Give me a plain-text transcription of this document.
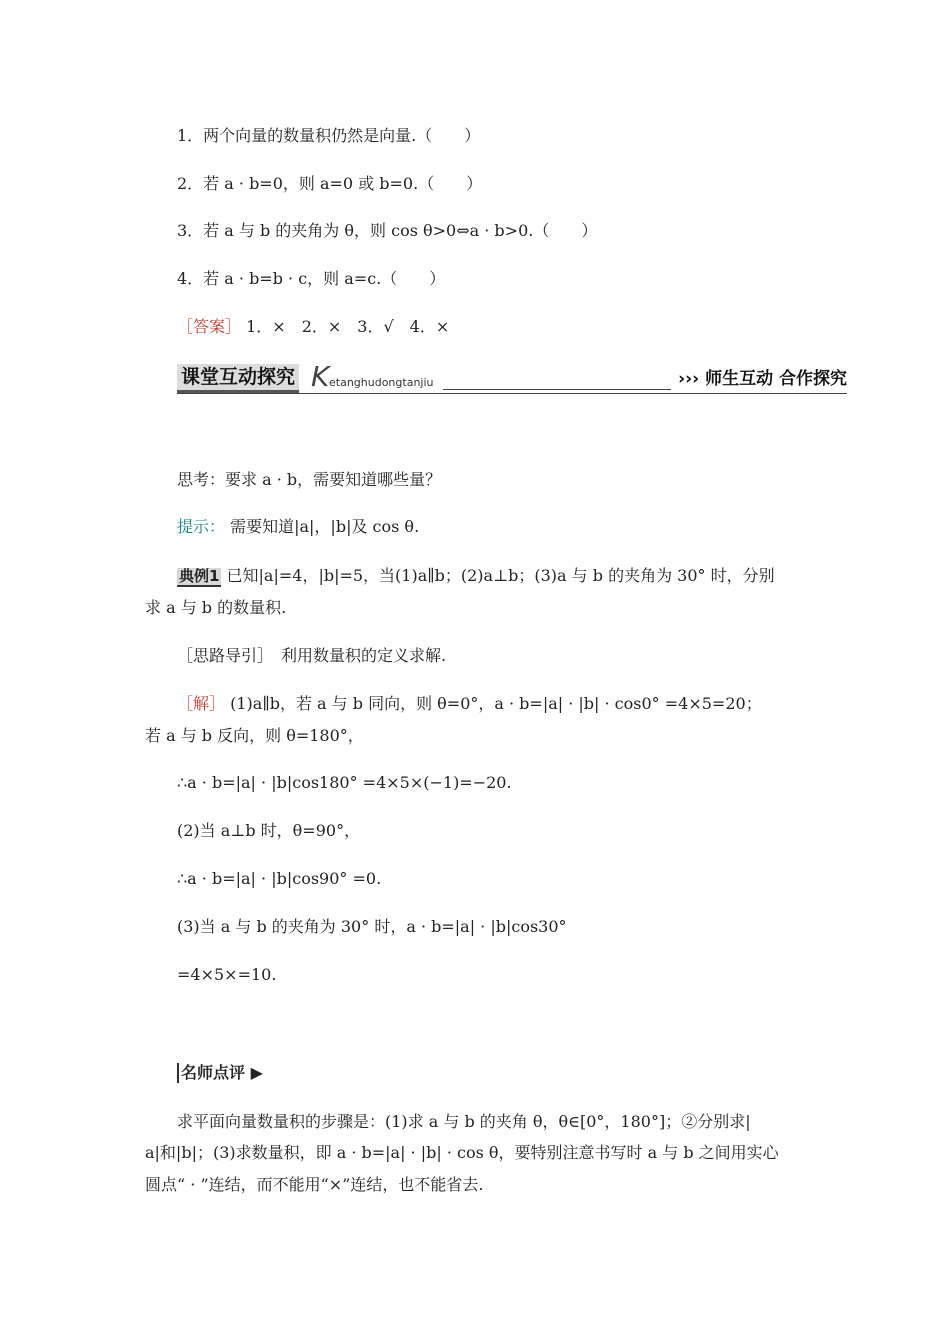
1．两个向量的数量积仍然是向量.（　　）
2．若 a · b=0，则 a=0 或 b=0.（　　）
3．若 a 与 b 的夹角为 θ，则 cos θ>0⇔a · b>0.（　　）
4．若 a · b=b · c，则 a=c.（　　）
［答案］ 1．×　2．×　3．√　4．×
课堂互动探究 K etanghudongtanjiu	››› 师生互动 合作探究
思考：要求 a · b，需要知道哪些量？
提示： 需要知道|a|，|b|及 cos θ.
典例1 已知|a|=4，|b|=5，当(1)a∥b；(2)a⊥b；(3)a 与 b 的夹角为 30° 时，分别
求 a 与 b 的数量积.
［思路导引］　利用数量积的定义求解.
［解］ (1)a∥b，若 a 与 b 同向，则 θ=0°，a · b=|a| · |b| · cos0° =4×5=20；
若 a 与 b 反向，则 θ=180°，
∴a · b=|a| · |b|cos180° =4×5×(−1)=−20.
(2)当 a⊥b 时，θ=90°，
∴a · b=|a| · |b|cos90° =0.
(3)当 a 与 b 的夹角为 30° 时，a · b=|a| · |b|cos30°
=4×5×=10.
名师点评 ▶
求平面向量数量积的步骤是：(1)求 a 与 b 的夹角 θ，θ∈[0°，180°]；②分别求|
a|和|b|；(3)求数量积，即 a · b=|a| · |b| · cos θ，要特别注意书写时 a 与 b 之间用实心
圆点“ · ”连结，而不能用“×”连结，也不能省去.
